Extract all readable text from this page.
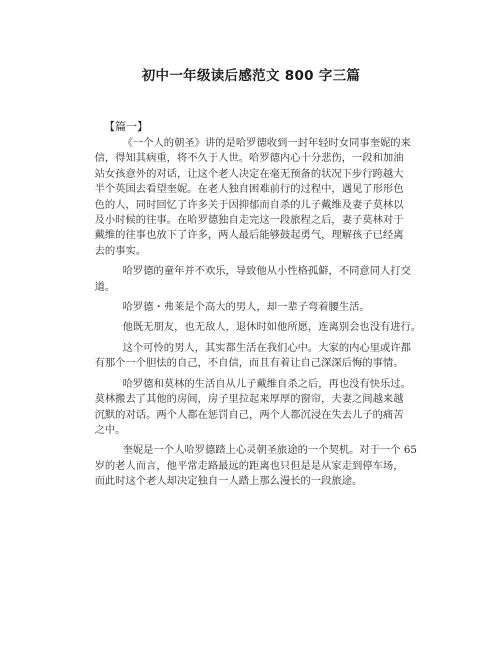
初中一年级读后感范文 800 字三篇
【篇一】
《一个人的朝圣》讲的是哈罗德收到一封年轻时女同事奎妮的来
信，得知其病重，将不久于人世。哈罗德内心十分悲伤，一段和加油
站女孩意外的对话，让这个老人决定在毫无预备的状况下步行跨越大
半个英国去看望奎妮。在老人独自困难前行的过程中，遇见了形形色
色的人，同时回忆了许多关于因抑郁而自杀的儿子戴维及妻子莫林以
及小时候的往事。在哈罗德独自走完这一段旅程之后，妻子莫林对于
戴维的往事也放下了许多，两人最后能够鼓起勇气，理解孩子已经离
去的事实。
哈罗德的童年并不欢乐，导致他从小性格孤僻，不同意同人打交
道。
哈罗德・弗莱是个高大的男人，却一辈子弯着腰生活。
他既无朋友，也无敌人，退休时如他所愿，连离别会也没有进行。
这个可怜的男人，其实都生活在我们心中。大家的内心里或许都
有那个一个胆怯的自己，不自信，而且有着让自己深深后悔的事情。
哈罗德和莫林的生活自从儿子戴维自杀之后，再也没有快乐过。
莫林搬去了其他的房间，房子里拉起来厚厚的窗帘，夫妻之间越来越
沉默的对话。两个人都在惩罚自己，两个人都沉浸在失去儿子的痛苦
之中。
奎妮是一个人哈罗德踏上心灵朝圣旅途的一个契机。对于一个 65
岁的老人而言，他平常走路最远的距离也只但是是从家走到停车场，
而此时这个老人却决定独自一人踏上那么漫长的一段旅途。
